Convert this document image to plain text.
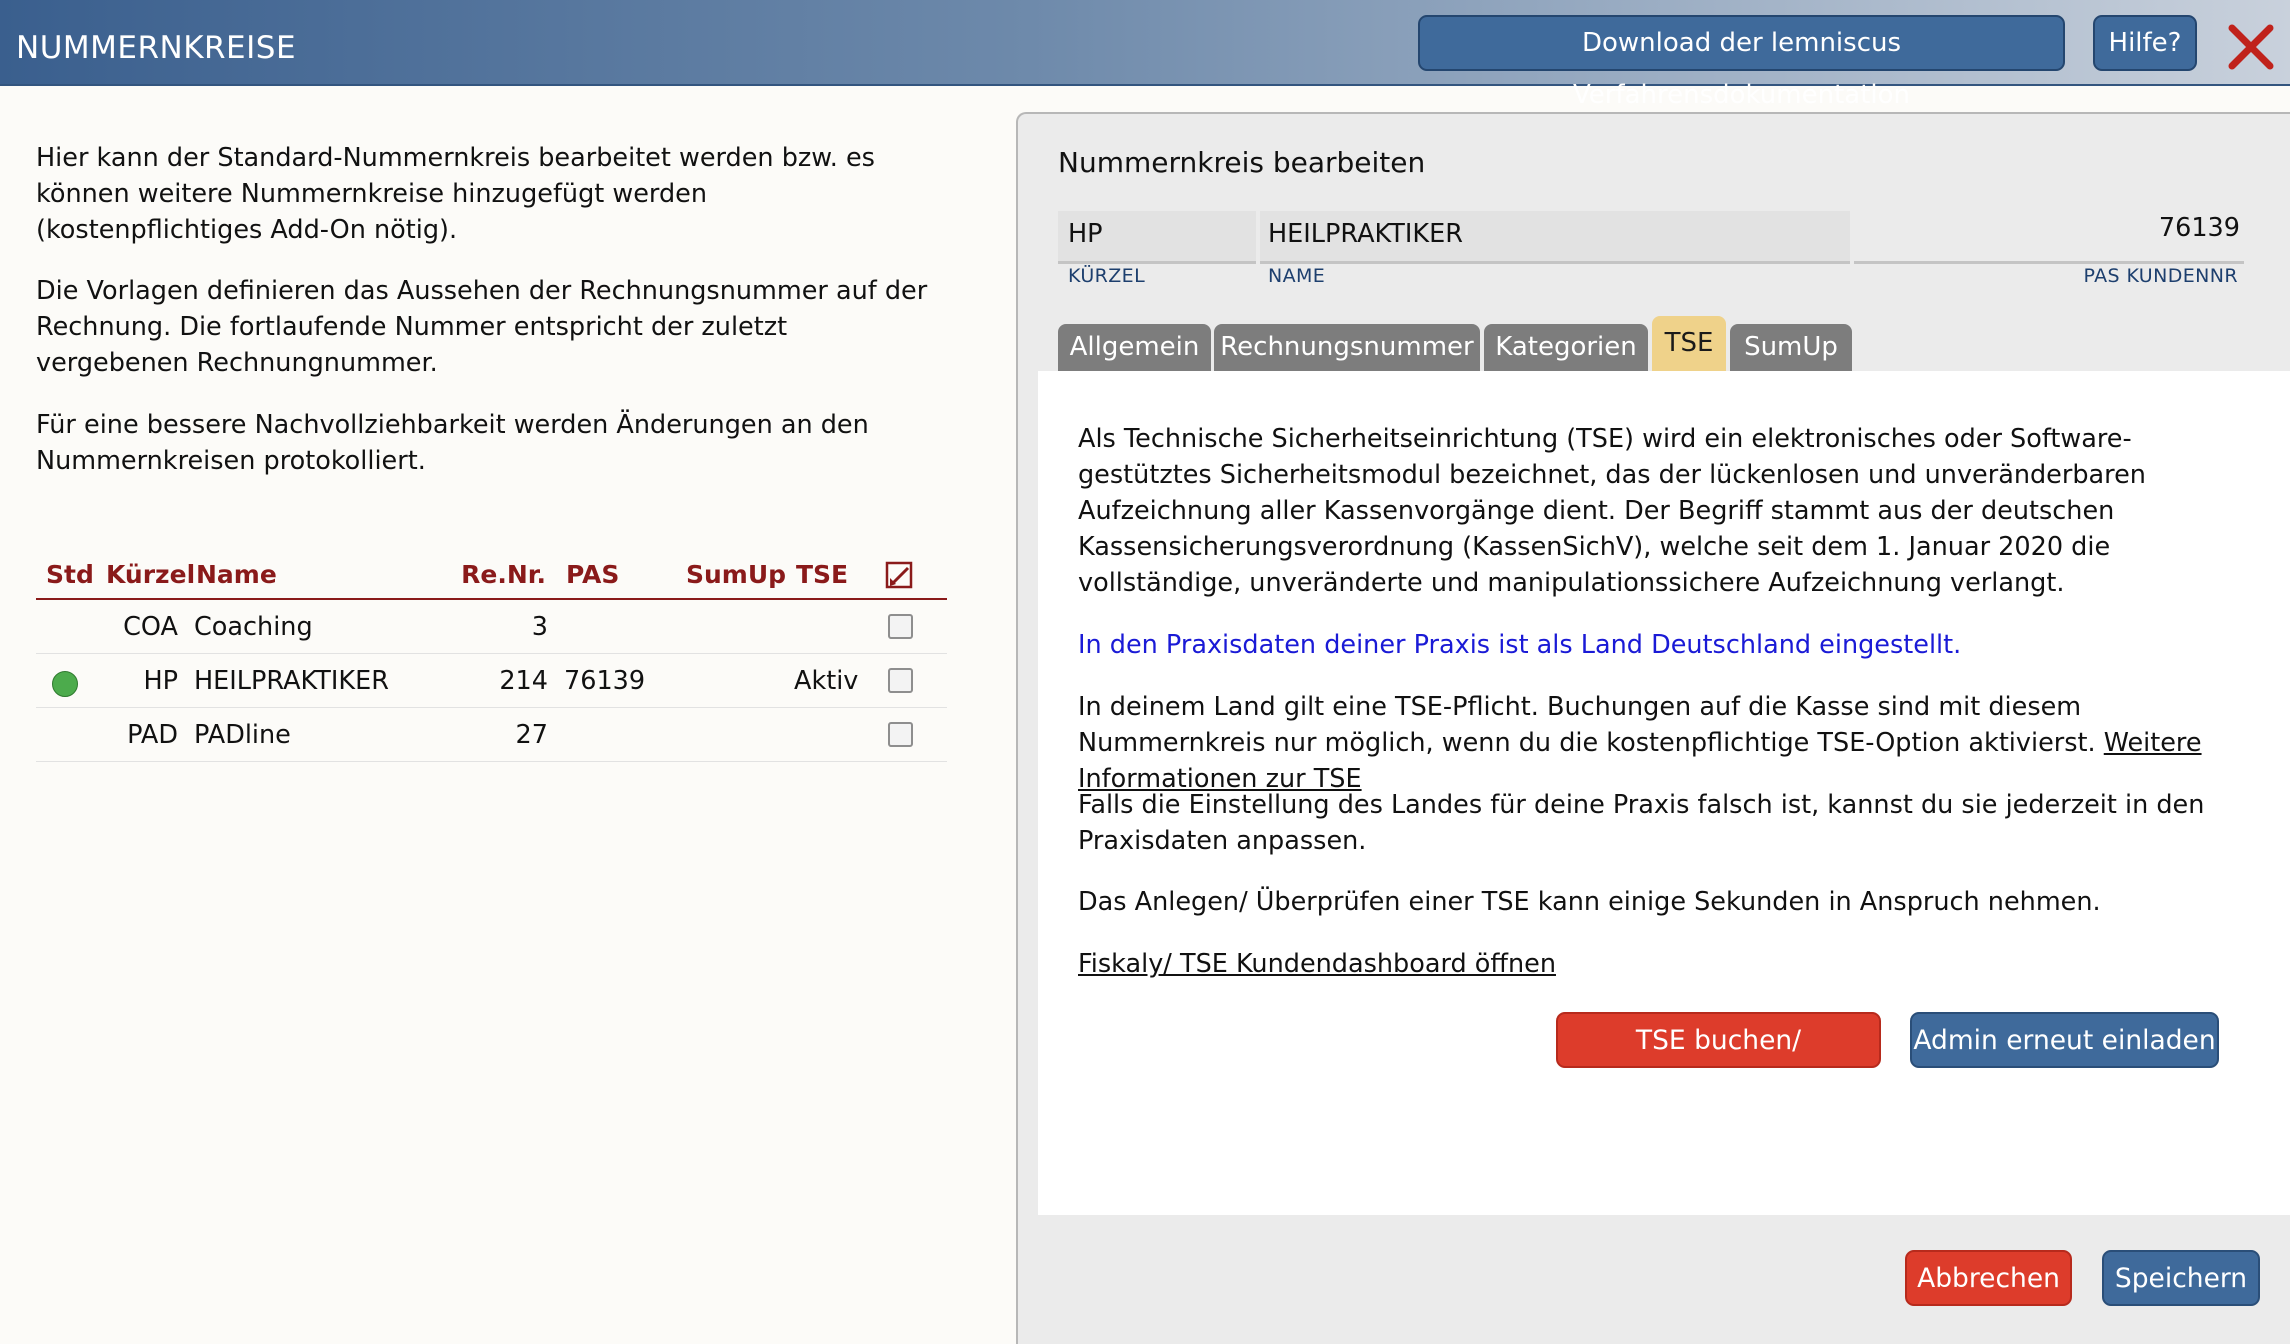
NUMMERNKREISE	Download der lemniscus Verfahrensdokumentation
Hilfe?
Hier kann der Standard-Nummernkreis bearbeitet werden bzw. es können weitere Nummernkreise hinzugefügt werden (kostenpflichtiges Add-On nötig).
Die Vorlagen definieren das Aussehen der Rechnungsnummer auf der Rechnung. Die fortlaufende Nummer entspricht der zuletzt vergebenen Rechnungnummer.
Für eine bessere Nachvollziehbarkeit werden Änderungen an den Nummernkreisen protokolliert.
Std Kürzel Name	Re.Nr. PAS	SumUp TSE
COA Coaching	3
HP HEILPRAKTIKER	214 76139	Aktiv
PAD PADline	27
Nummernkreis bearbeiten
HP
KÜRZEL
HEILPRAKTIKER
NAME
76139
PAS KUNDENNR
Allgemein Rechnungsnummer Kategorien	TSE	SumUp
Als Technische Sicherheitseinrichtung (TSE) wird ein elektronisches oder Software-gestütztes Sicherheitsmodul bezeichnet, das der lückenlosen und unveränderbaren Aufzeichnung aller Kassenvorgänge dient. Der Begriff stammt aus der deutschen Kassensicherungsverordnung (KassenSichV), welche seit dem 1. Januar 2020 die vollständige, unveränderte und manipulationssichere Aufzeichnung verlangt.
In den Praxisdaten deiner Praxis ist als Land Deutschland eingestellt.
In deinem Land gilt eine TSE-Pflicht. Buchungen auf die Kasse sind mit diesem Nummernkreis nur möglich, wenn du die kostenpflichtige TSE-Option aktivierst. Weitere Informationen zur TSE
Falls die Einstellung des Landes für deine Praxis falsch ist, kannst du sie jederzeit in den Praxisdaten anpassen.
Das Anlegen/ Überprüfen einer TSE kann einige Sekunden in Anspruch nehmen.
Fiskaly/ TSE Kundendashboard öffnen
TSE buchen/ überprüfen
Admin erneut einladen
Abbrechen	Speichern
